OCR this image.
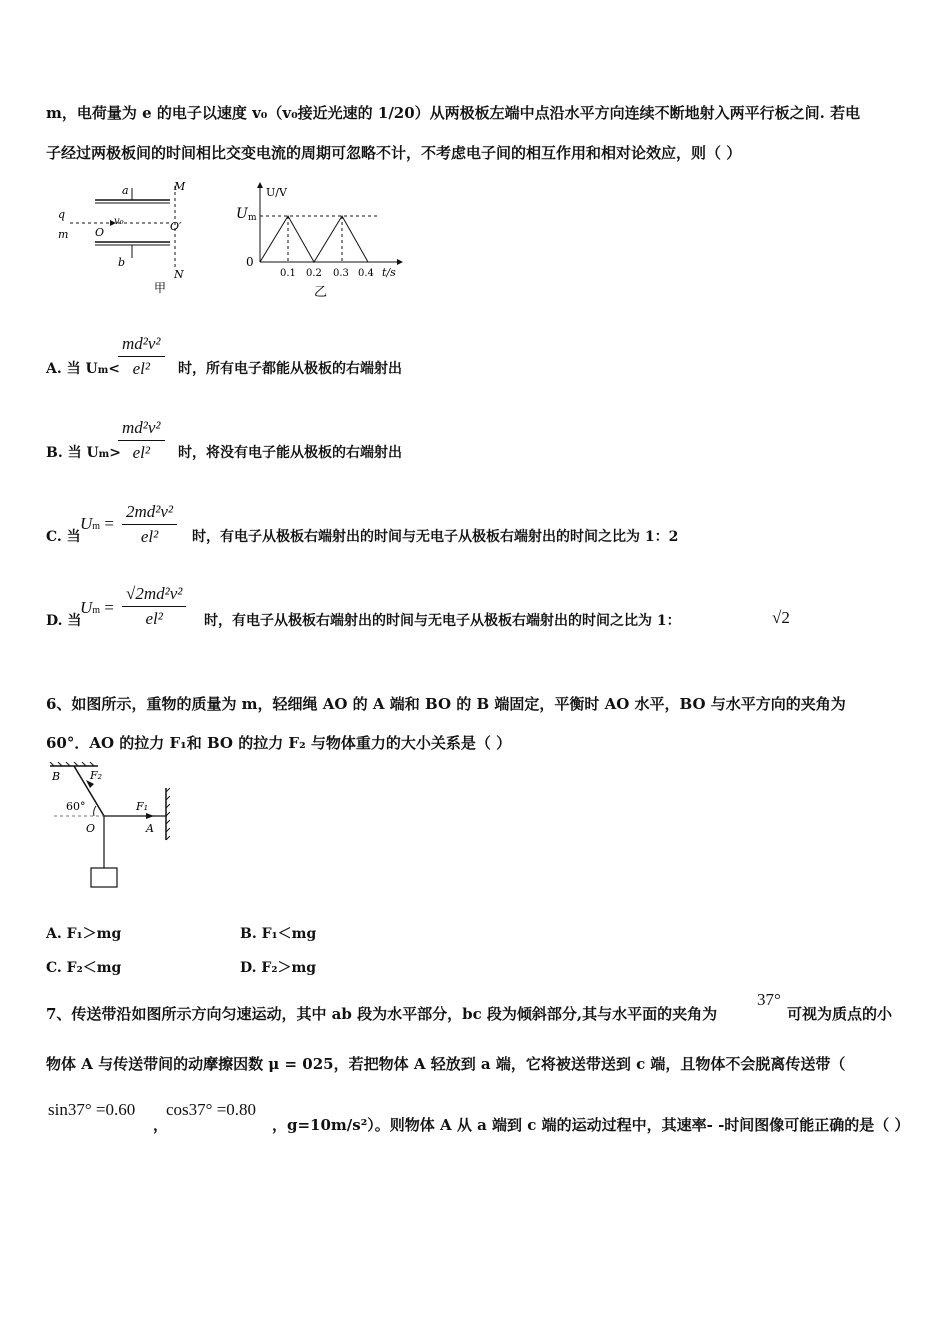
m，电荷量为 e 的电子以速度 v₀（v₀接近光速的 1/20）从两极板左端中点沿水平方向连续不断地射入两平行板之间. 若电
子经过两极板间的时间相比交变电流的周期可忽略不计，不考虑电子间的相互作用和相对论效应，则（ ）
a
b
M
N
q
m
v₀
O	O′
甲
U/V
t/s
U m
0
0.1 0.2 0.3 0.4
乙
A. 当 Um<
md²v²
el²	时，所有电子都能从极板的右端射出
B. 当 Um>
md²v²
el²	时，将没有电子能从极板的右端射出
C. 当
Um =
2md²v²
el²	时，有电子从极板右端射出的时间与无电子从极板右端射出的时间之比为 1：2
D. 当
Um =
√2md²v²
el²	时，有电子从极板右端射出的时间与无电子从极板右端射出的时间之比为 1：	√2
6、如图所示，重物的质量为 m，轻细绳 AO 的 A 端和 BO 的 B 端固定，平衡时 AO 水平，BO 与水平方向的夹角为
60°．AO 的拉力 F₁和 BO 的拉力 F₂ 与物体重力的大小关系是（ ）
B	F₂
60°	F₁
O	A
A. F₁＞mg	B. F₁＜mg
C. F₂＜mg	D. F₂＞mg
7、传送带沿如图所示方向匀速运动，其中 ab 段为水平部分，bc 段为倾斜部分,其与水平面的夹角为
37°
可视为质点的小
物体 A 与传送带间的动摩擦因数 μ = 025，若把物体 A 轻放到 a 端，它将被送带送到 c 端，且物体不会脱离传送带（
sin37° =0.60
，
cos37° =0.80
，g=10m/s²）。则物体 A 从 a 端到 c 端的运动过程中，其速率- -时间图像可能正确的是（ ）
